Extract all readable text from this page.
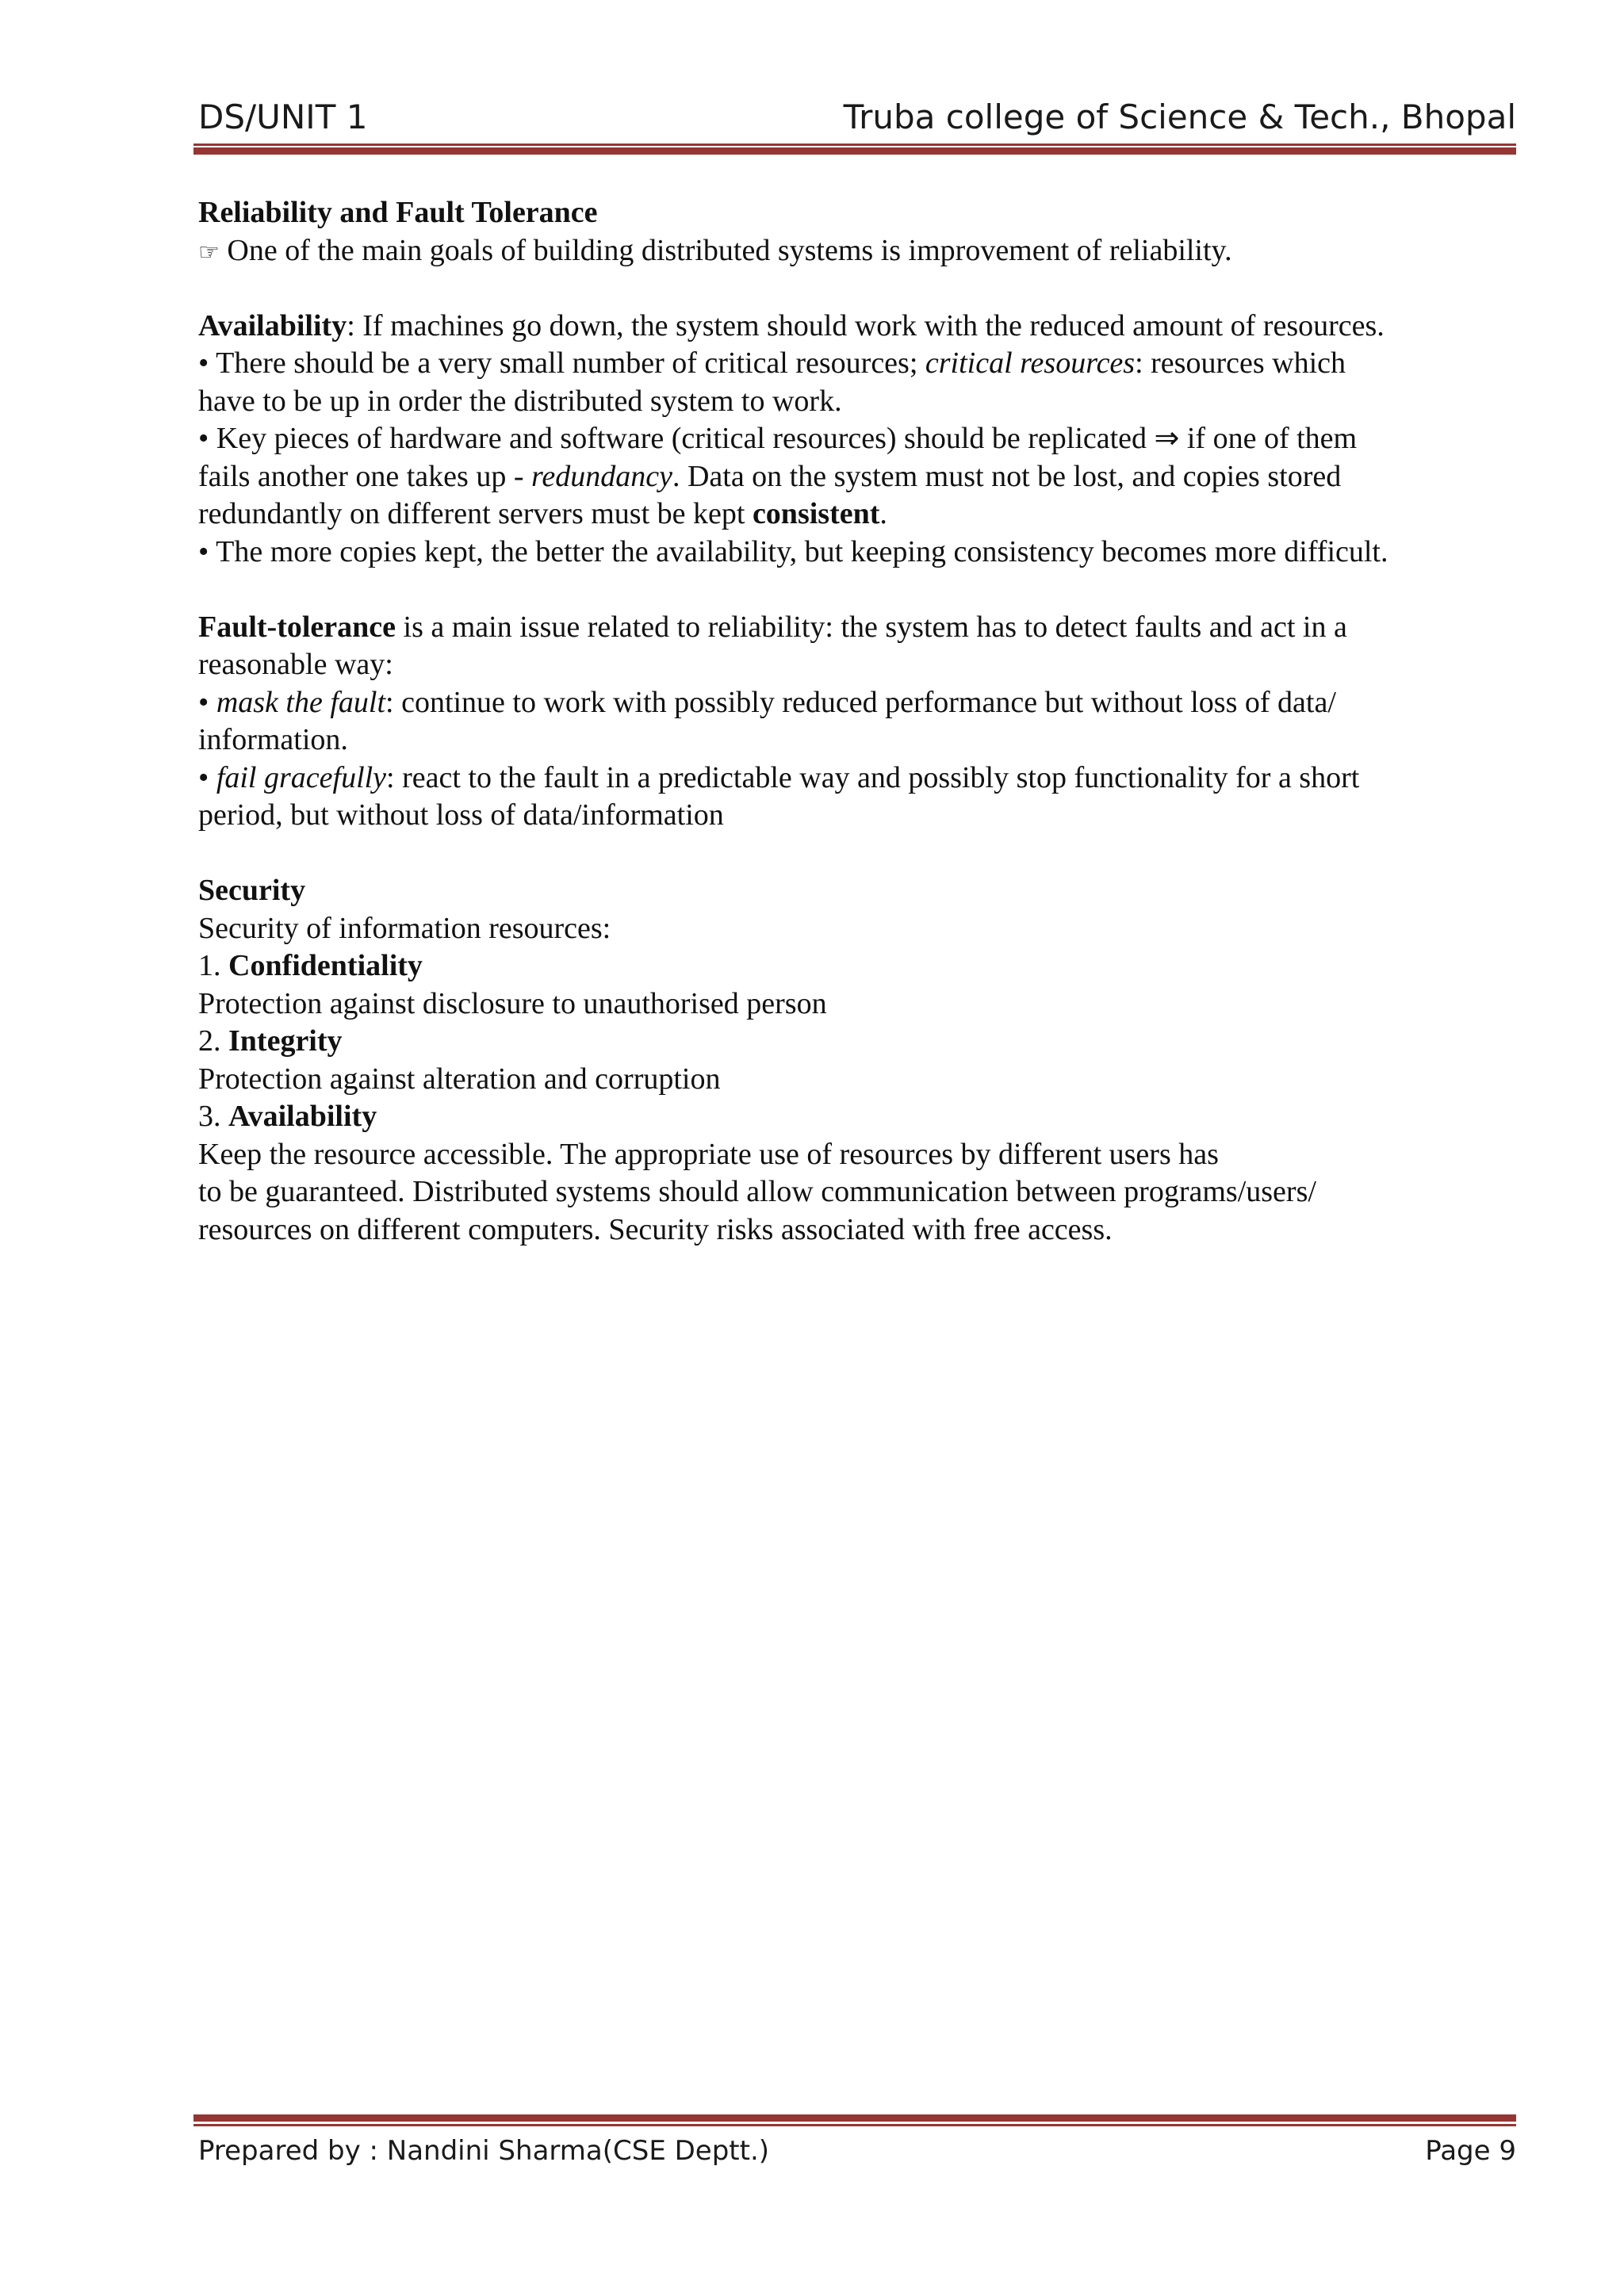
DS/UNIT 1	Truba college of Science & Tech., Bhopal
Reliability and Fault Tolerance
☞ One of the main goals of building distributed systems is improvement of reliability.
Availability: If machines go down, the system should work with the reduced amount of resources.
• There should be a very small number of critical resources; critical resources: resources which
have to be up in order the distributed system to work.
• Key pieces of hardware and software (critical resources) should be replicated ⇒ if one of them
fails another one takes up - redundancy. Data on the system must not be lost, and copies stored
redundantly on different servers must be kept consistent.
• The more copies kept, the better the availability, but keeping consistency becomes more difficult.
Fault-tolerance is a main issue related to reliability: the system has to detect faults and act in a
reasonable way:
• mask the fault: continue to work with possibly reduced performance but without loss of data/
information.
• fail gracefully: react to the fault in a predictable way and possibly stop functionality for a short
period, but without loss of data/information
Security
Security of information resources:
1. Confidentiality
Protection against disclosure to unauthorised person
2. Integrity
Protection against alteration and corruption
3. Availability
Keep the resource accessible. The appropriate use of resources by different users has
to be guaranteed. Distributed systems should allow communication between programs/users/
resources on different computers. Security risks associated with free access.
Prepared by : Nandini Sharma(CSE Deptt.)	Page 9
